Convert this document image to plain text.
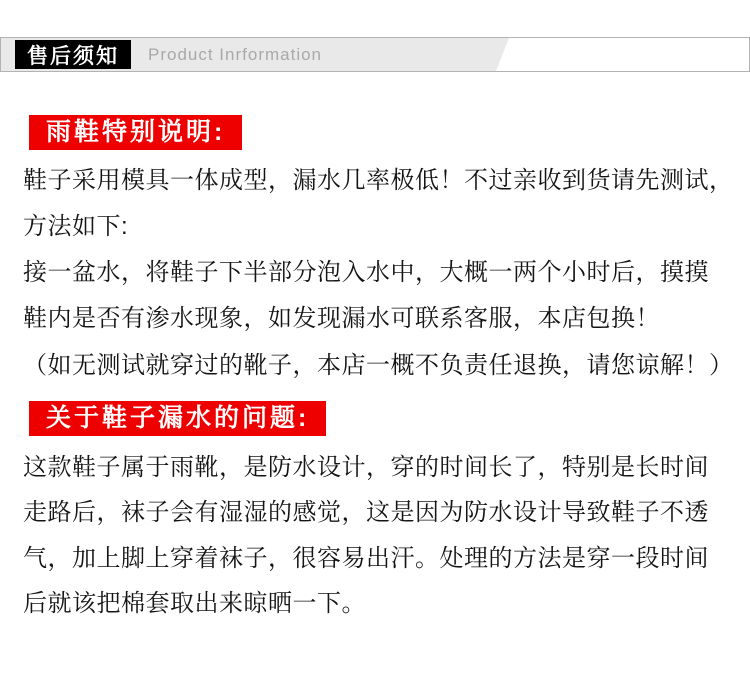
售后须知 Product Inrformation
雨鞋特别说明:
鞋子采用模具一体成型，漏水几率极低！不过亲收到货请先测试，
方法如下:
接一盆水，将鞋子下半部分泡入水中，大概一两个小时后，摸摸
鞋内是否有渗水现象，如发现漏水可联系客服，本店包换！
（如无测试就穿过的靴子，本店一概不负责任退换，请您谅解！）
关于鞋子漏水的问题:
这款鞋子属于雨靴，是防水设计，穿的时间长了，特别是长时间
走路后，袜子会有湿湿的感觉，这是因为防水设计导致鞋子不透
气，加上脚上穿着袜子，很容易出汗。处理的方法是穿一段时间
后就该把棉套取出来晾晒一下。
